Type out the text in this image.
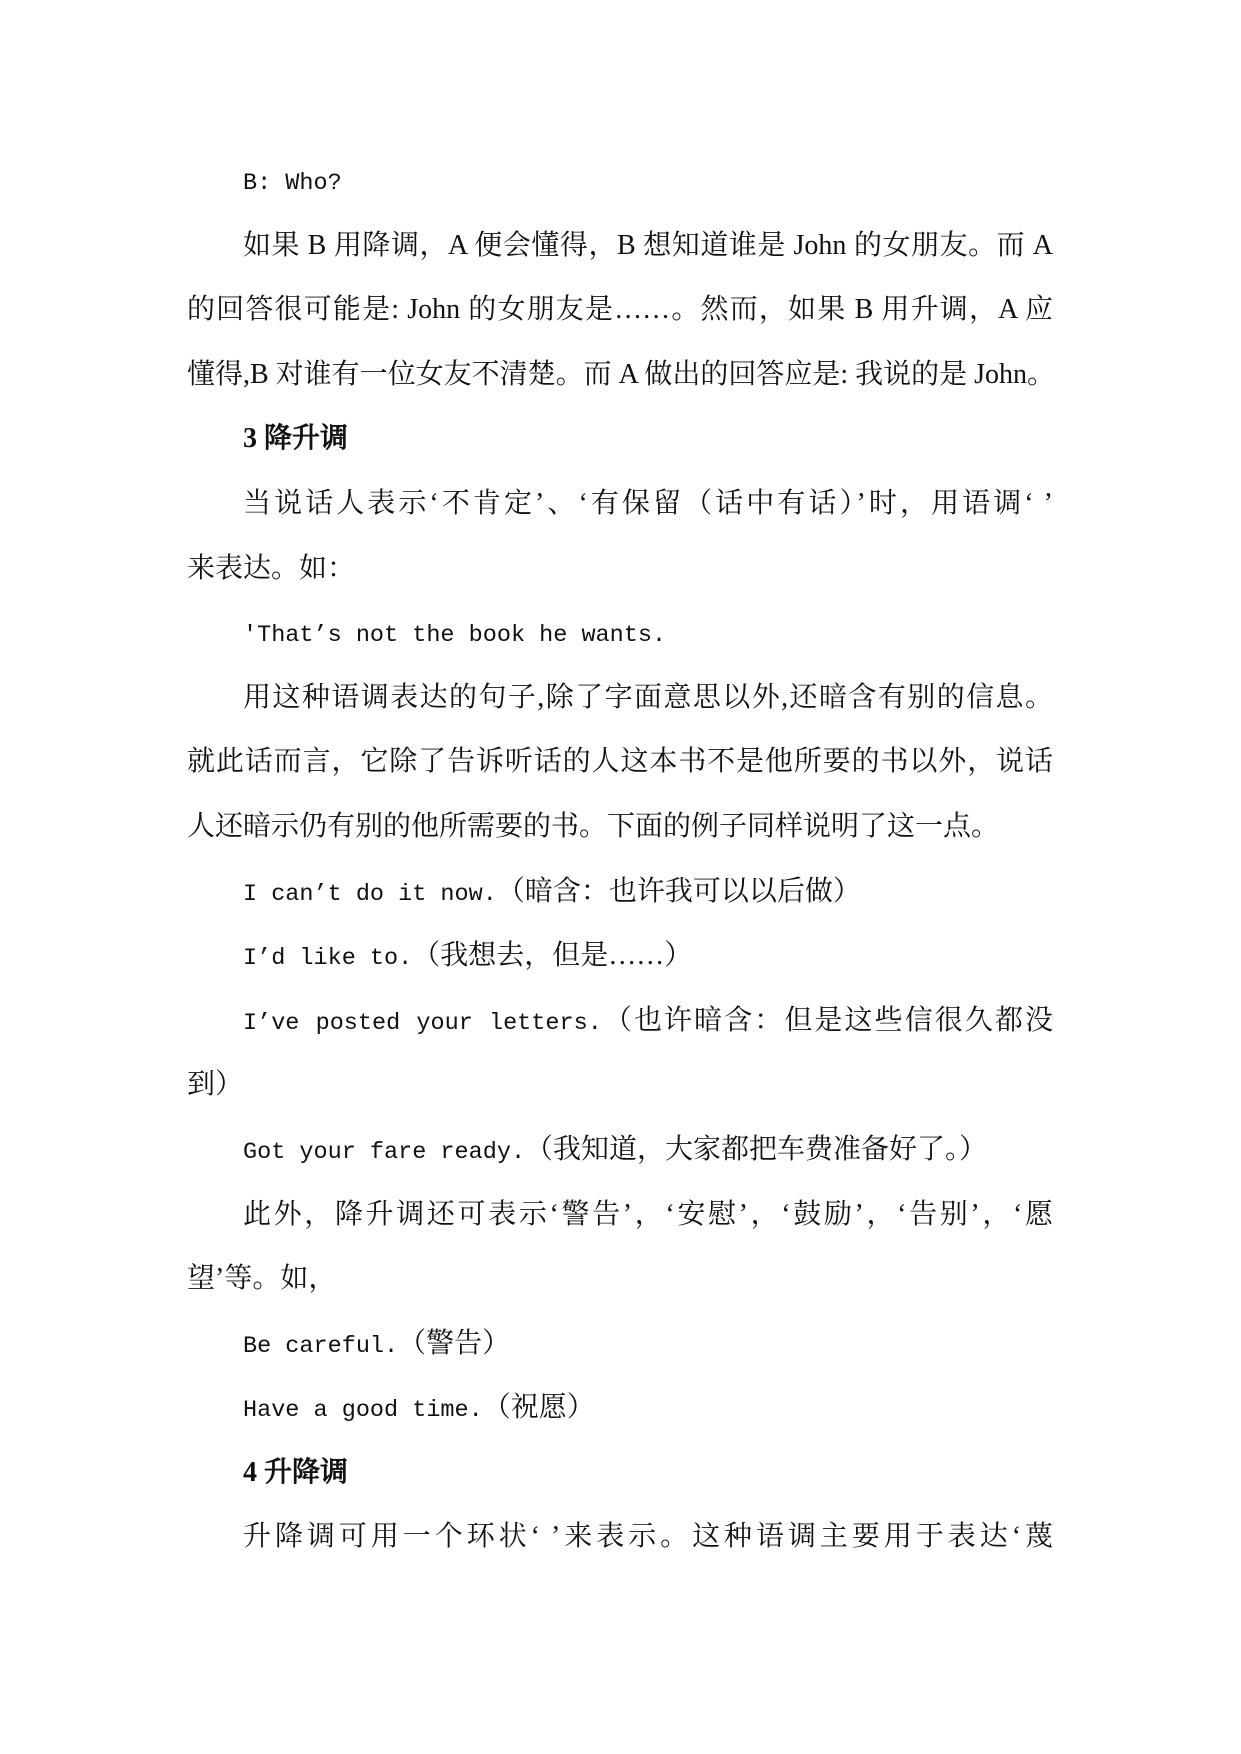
B: Who?
如果 B 用降调，A 便会懂得，B 想知道谁是 John 的女朋友。而 A
的回答很可能是: John 的女朋友是……。然而，如果 B 用升调，A 应
懂得,B 对谁有一位女友不清楚。而 A 做出的回答应是: 我说的是 John。
3 降升调
当说话人表示‘不肯定’、‘有保留（话中有话）’时，用语调‘ ’
来表达。如：
'That’s not the book he wants.
用这种语调表达的句子,除了字面意思以外,还暗含有别的信息。
就此话而言，它除了告诉听话的人这本书不是他所要的书以外，说话
人还暗示仍有别的他所需要的书。下面的例子同样说明了这一点。
I can’t do it now.（暗含：也许我可以以后做）
I’d like to.（我想去，但是……）
I’ve posted your letters.（也许暗含：但是这些信很久都没
到）
Got your fare ready.（我知道，大家都把车费准备好了。）
此外，降升调还可表示‘警告’，‘安慰’，‘鼓励’，‘告别’，‘愿
望’等。如，
Be careful.（警告）
Have a good time.（祝愿）
4 升降调
升降调可用一个环状‘ ’来表示。这种语调主要用于表达‘蔑
